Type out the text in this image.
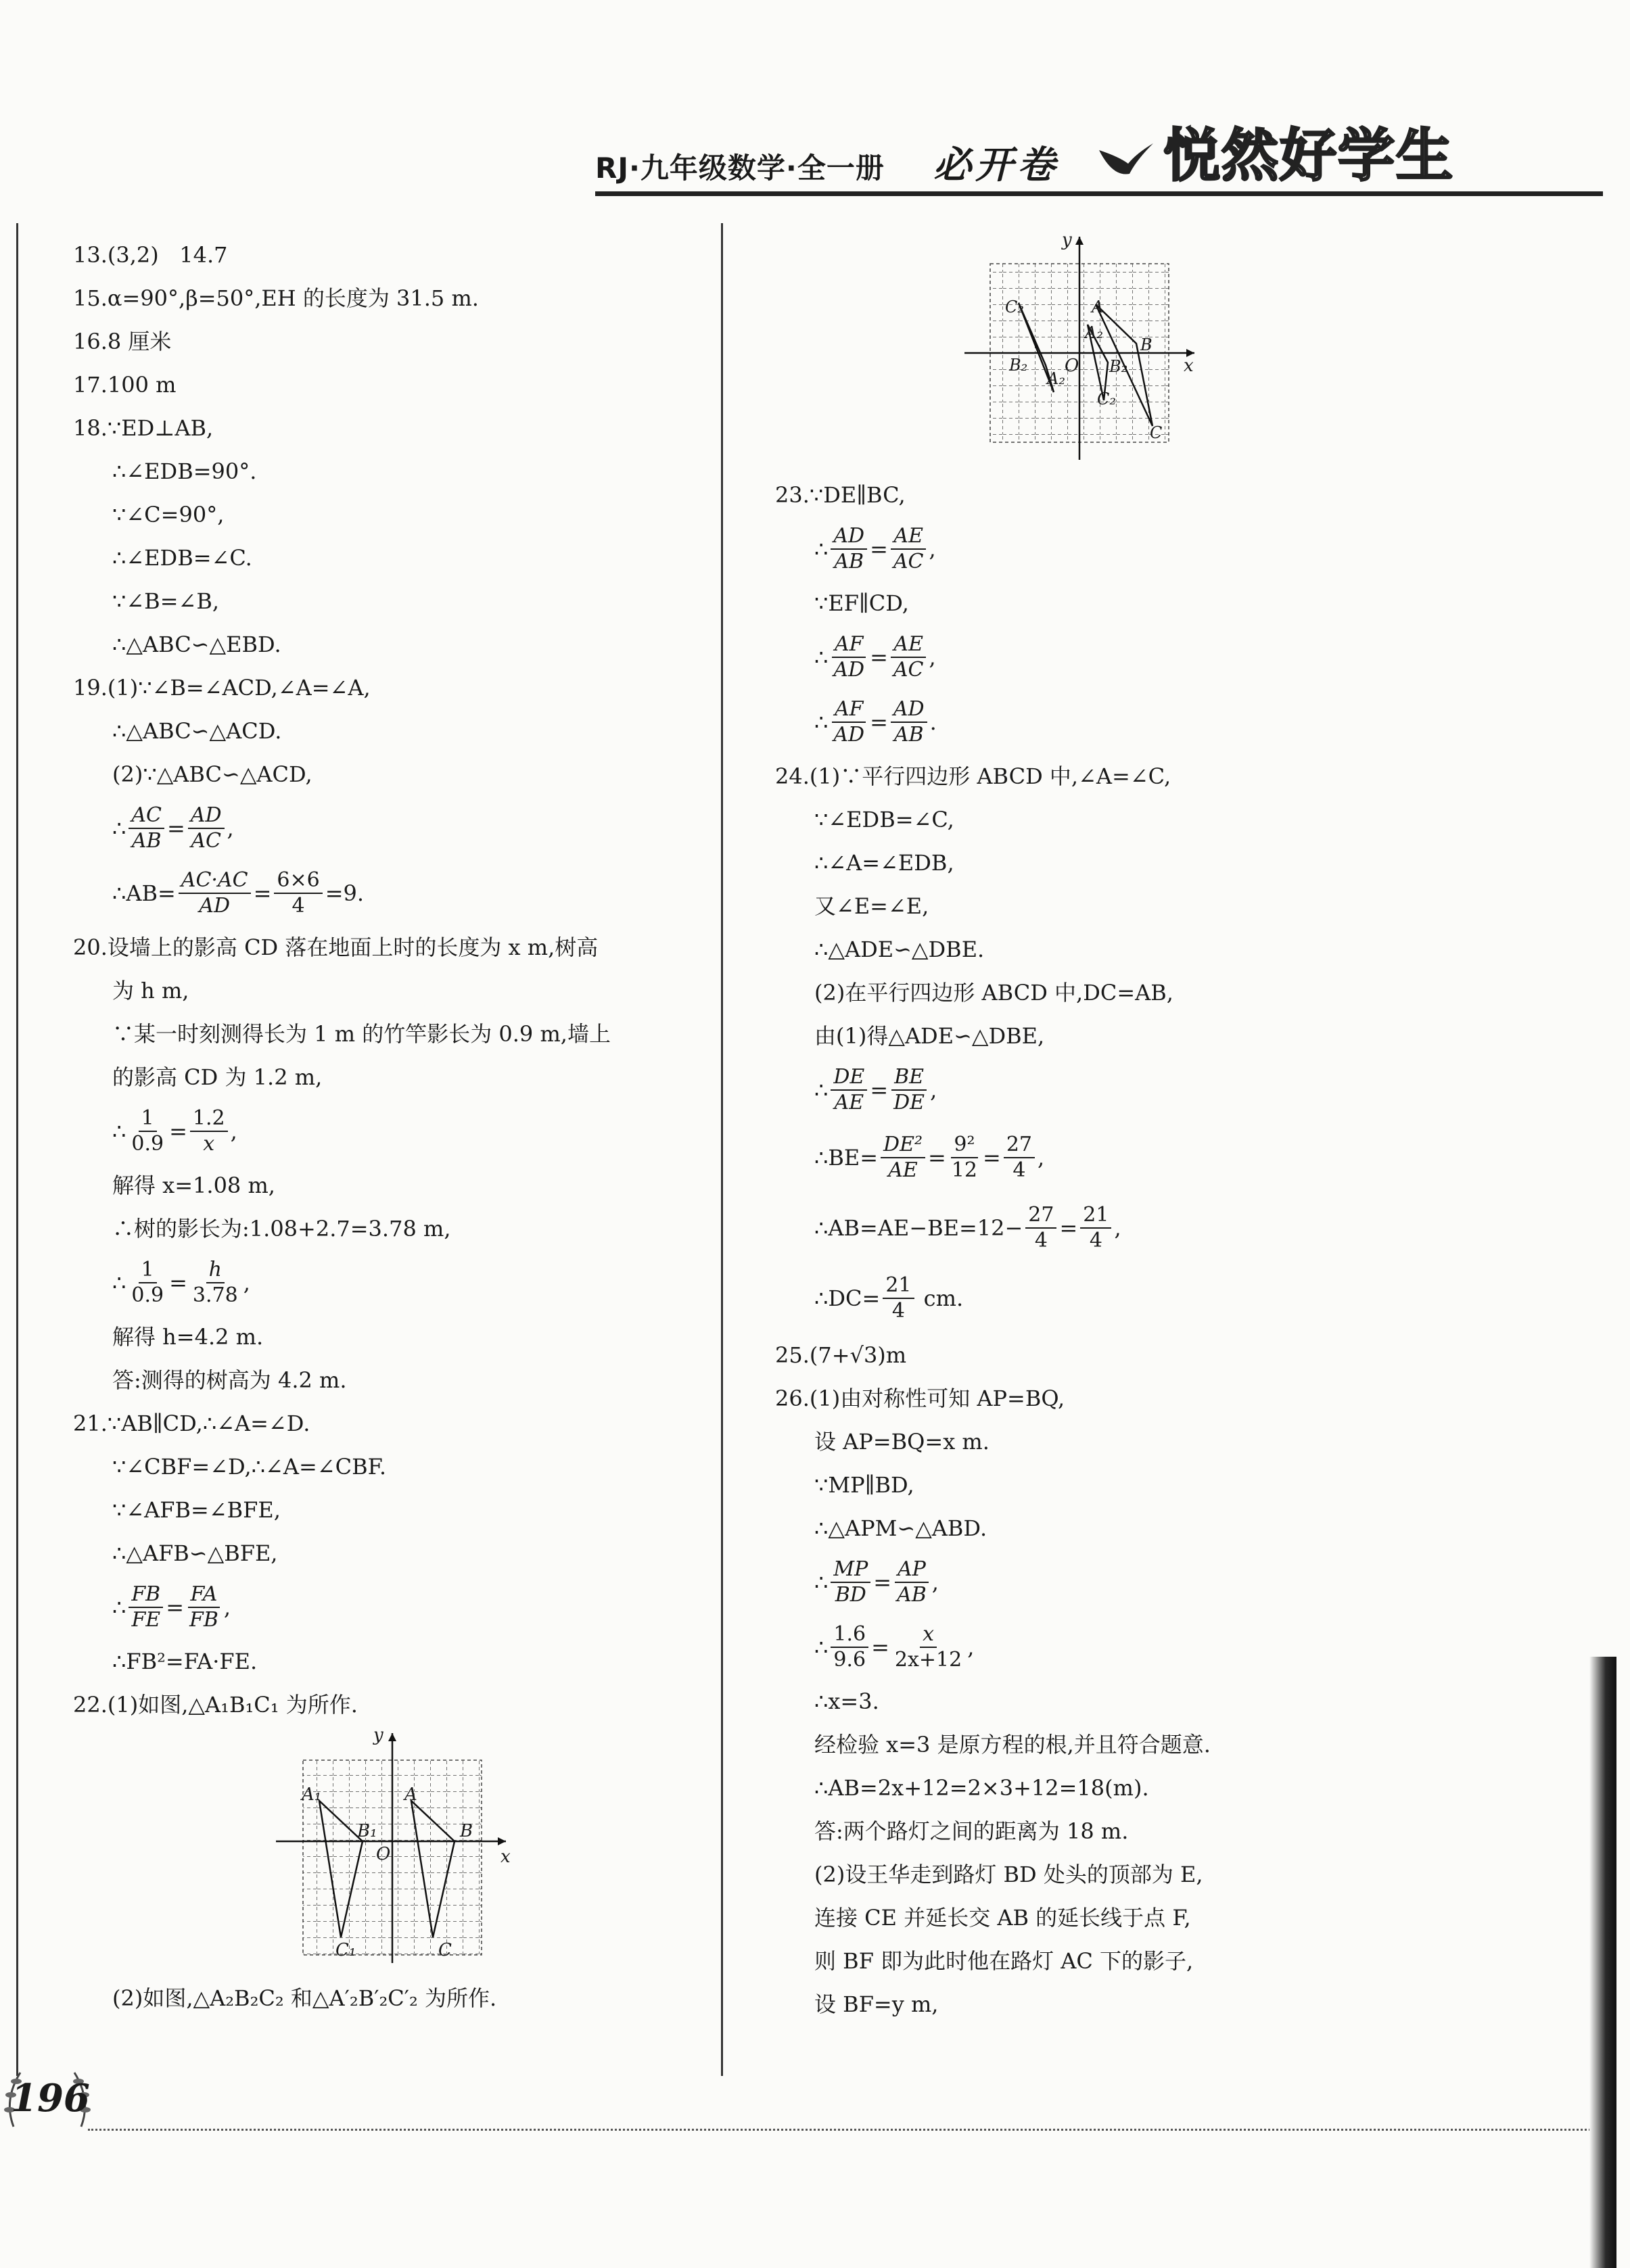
RJ·九年级数学·全一册 必开卷 悦然好学生
13.(3,2) 14.7
15.α=90°,β=50°,EH 的长度为 31.5 m.
16.8 厘米
17.100 m
18.∵ED⊥AB,
∴∠EDB=90°.
∵∠C=90°,
∴∠EDB=∠C.
∵∠B=∠B,
∴△ABC∽△EBD.
19.(1)∵∠B=∠ACD,∠A=∠A,
∴△ABC∽△ACD.
(2)∵△ABC∽△ACD,
∴ $\frac{AC}{AB} = \frac{AD}{AC}$ ,
∴AB= $\frac{AC\cdot AC}{AD} = \frac{6\times 6}{4} =9$.
20.设墙上的影高 CD 落在地面上时的长度为 x m,树高
为 h m,
∵某一时刻测得长为 1 m 的竹竿影长为 0.9 m,墙上
的影高 CD 为 1.2 m,
∴ $\frac{1}{0.9} = \frac{1.2}{x}$ ,
解得 x=1.08 m,
∴树的影长为:1.08+2.7=3.78 m,
∴ $\frac{1}{0.9} = \frac{h}{3.78}$ ,
解得 h=4.2 m.
答:测得的树高为 4.2 m.
21.∵AB∥CD,∴∠A=∠D.
∵∠CBF=∠D,∴∠A=∠CBF.
∵∠AFB=∠BFE,
∴△AFB∽△BFE,
∴ $\frac{FB}{FE} = \frac{FA}{FB}$ ,
∴FB²=FA·FE.
22.(1)如图,△A₁B₁C₁ 为所作.
y
x
O
A₁	A
B₁	B
C₁	C
(2)如图,△A₂B₂C₂ 和△A′₂B′₂C′₂ 为所作.
y
x
O
C₂	A
A₂
B
B₂
A₂
B₂
C₂
C
23.∵DE∥BC,
∴ $\frac{AD}{AB} = \frac{AE}{AC}$ ,
∵EF∥CD,
∴ $\frac{AF}{AD} = \frac{AE}{AC}$ ,
∴ $\frac{AF}{AD} = \frac{AD}{AB}$ .
24.(1)∵平行四边形 ABCD 中,∠A=∠C,
∵∠EDB=∠C,
∴∠A=∠EDB,
又∠E=∠E,
∴△ADE∽△DBE.
(2)在平行四边形 ABCD 中,DC=AB,
由(1)得△ADE∽△DBE,
∴ $\frac{DE}{AE} = \frac{BE}{DE}$ ,
∴BE= $\frac{\text{DE²}}{AE} = \frac{\text{9²}}{12} = \frac{27}{4}$ ,
∴AB=AE−BE=12− $\frac{27}{4} = \frac{21}{4}$ ,
∴DC= $\frac{21}{4}$ cm.
25.(7+√3)m
26.(1)由对称性可知 AP=BQ,
设 AP=BQ=x m.
∵MP∥BD,
∴△APM∽△ABD.
∴ $\frac{MP}{BD} = \frac{AP}{AB}$ ,
∴ $\frac{1.6}{9.6} = \frac{x}{2x+12}$ ,
∴x=3.
经检验 x=3 是原方程的根,并且符合题意.
∴AB=2x+12=2×3+12=18(m).
答:两个路灯之间的距离为 18 m.
(2)设王华走到路灯 BD 处头的顶部为 E,
连接 CE 并延长交 AB 的延长线于点 F,
则 BF 即为此时他在路灯 AC 下的影子,
设 BF=y m,
196
